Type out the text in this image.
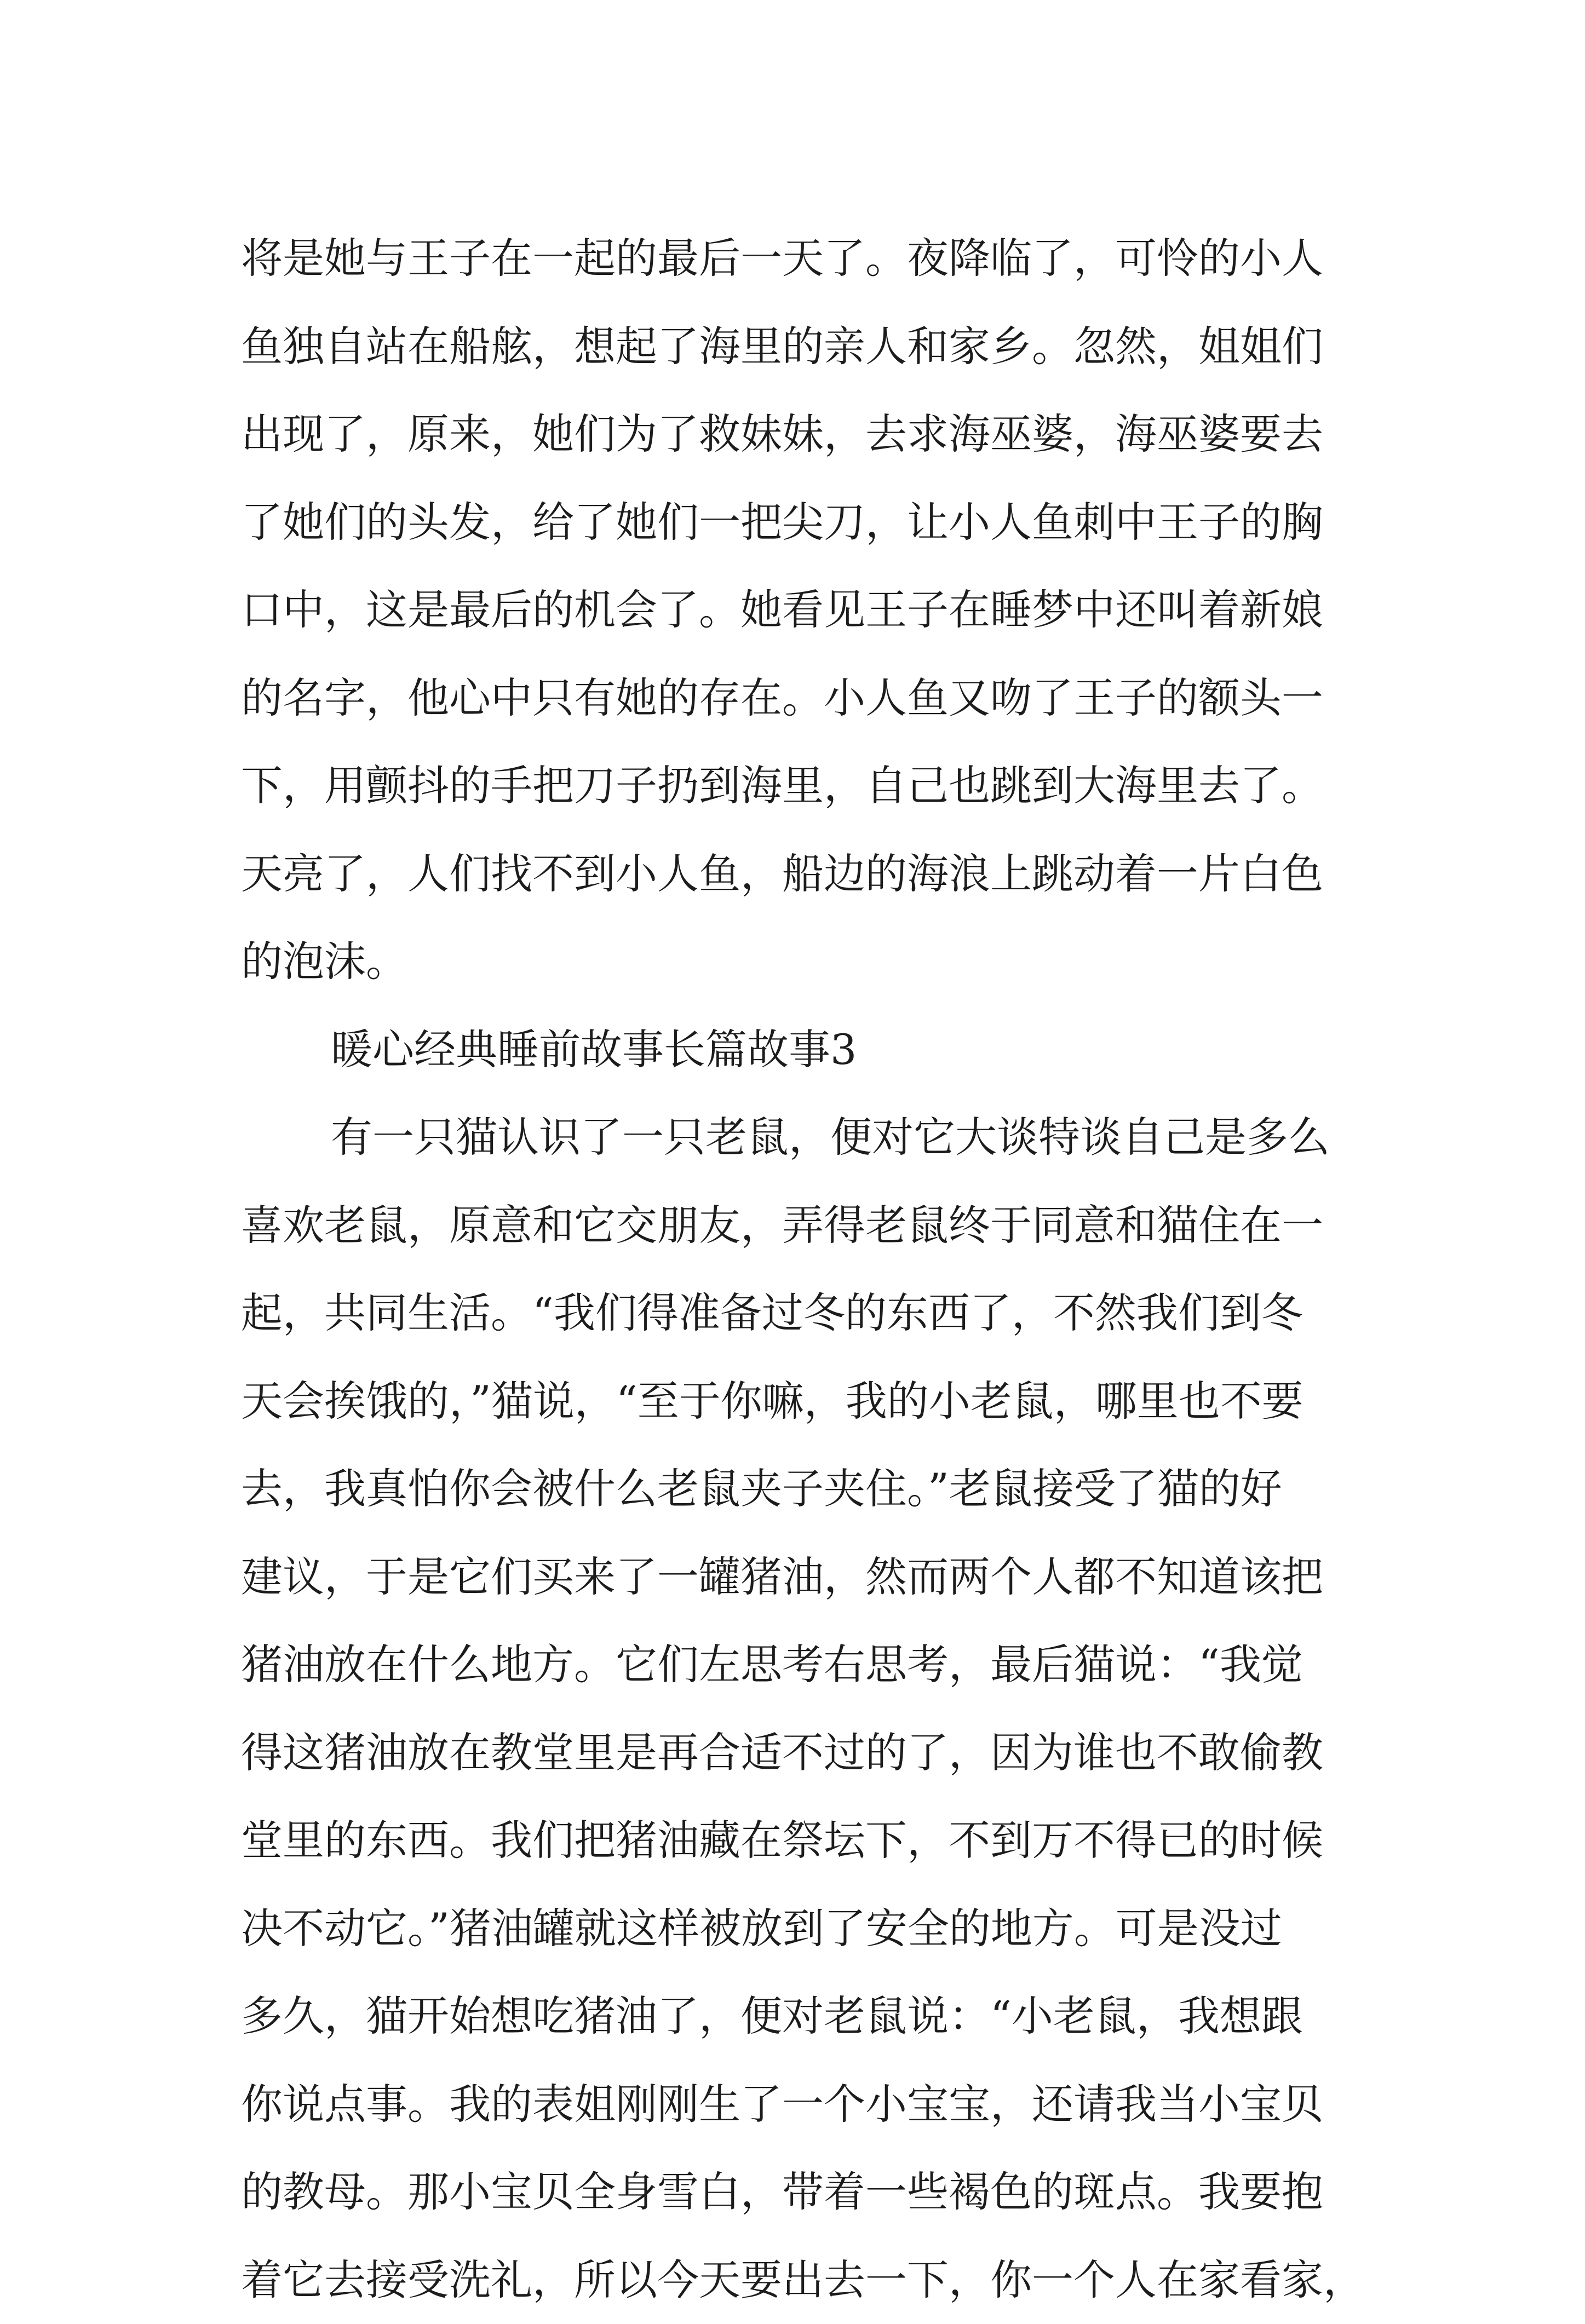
将是她与王子在一起的最后一天了。夜降临了，可怜的小人
鱼独自站在船舷，想起了海里的亲人和家乡。忽然，姐姐们
出现了，原来，她们为了救妹妹，去求海巫婆，海巫婆要去
了她们的头发，给了她们一把尖刀，让小人鱼刺中王子的胸
口中，这是最后的机会了。她看见王子在睡梦中还叫着新娘
的名字，他心中只有她的存在。小人鱼又吻了王子的额头一
下，用颤抖的手把刀子扔到海里，自己也跳到大海里去了。
天亮了，人们找不到小人鱼，船边的海浪上跳动着一片白色
的泡沫。
暖心经典睡前故事长篇故事3
有一只猫认识了一只老鼠，便对它大谈特谈自己是多么
喜欢老鼠，原意和它交朋友，弄得老鼠终于同意和猫住在一
起，共同生活。“我们得准备过冬的东西了，不然我们到冬
天会挨饿的，”猫说，“至于你嘛，我的小老鼠，哪里也不要
去，我真怕你会被什么老鼠夹子夹住。”老鼠接受了猫的好
建议，于是它们买来了一罐猪油，然而两个人都不知道该把
猪油放在什么地方。它们左思考右思考，最后猫说：“我觉
得这猪油放在教堂里是再合适不过的了，因为谁也不敢偷教
堂里的东西。我们把猪油藏在祭坛下，不到万不得已的时候
决不动它。”猪油罐就这样被放到了安全的地方。可是没过
多久，猫开始想吃猪油了，便对老鼠说：“小老鼠，我想跟
你说点事。我的表姐刚刚生了一个小宝宝，还请我当小宝贝
的教母。那小宝贝全身雪白，带着一些褐色的斑点。我要抱
着它去接受洗礼，所以今天要出去一下，你一个人在家看家，
